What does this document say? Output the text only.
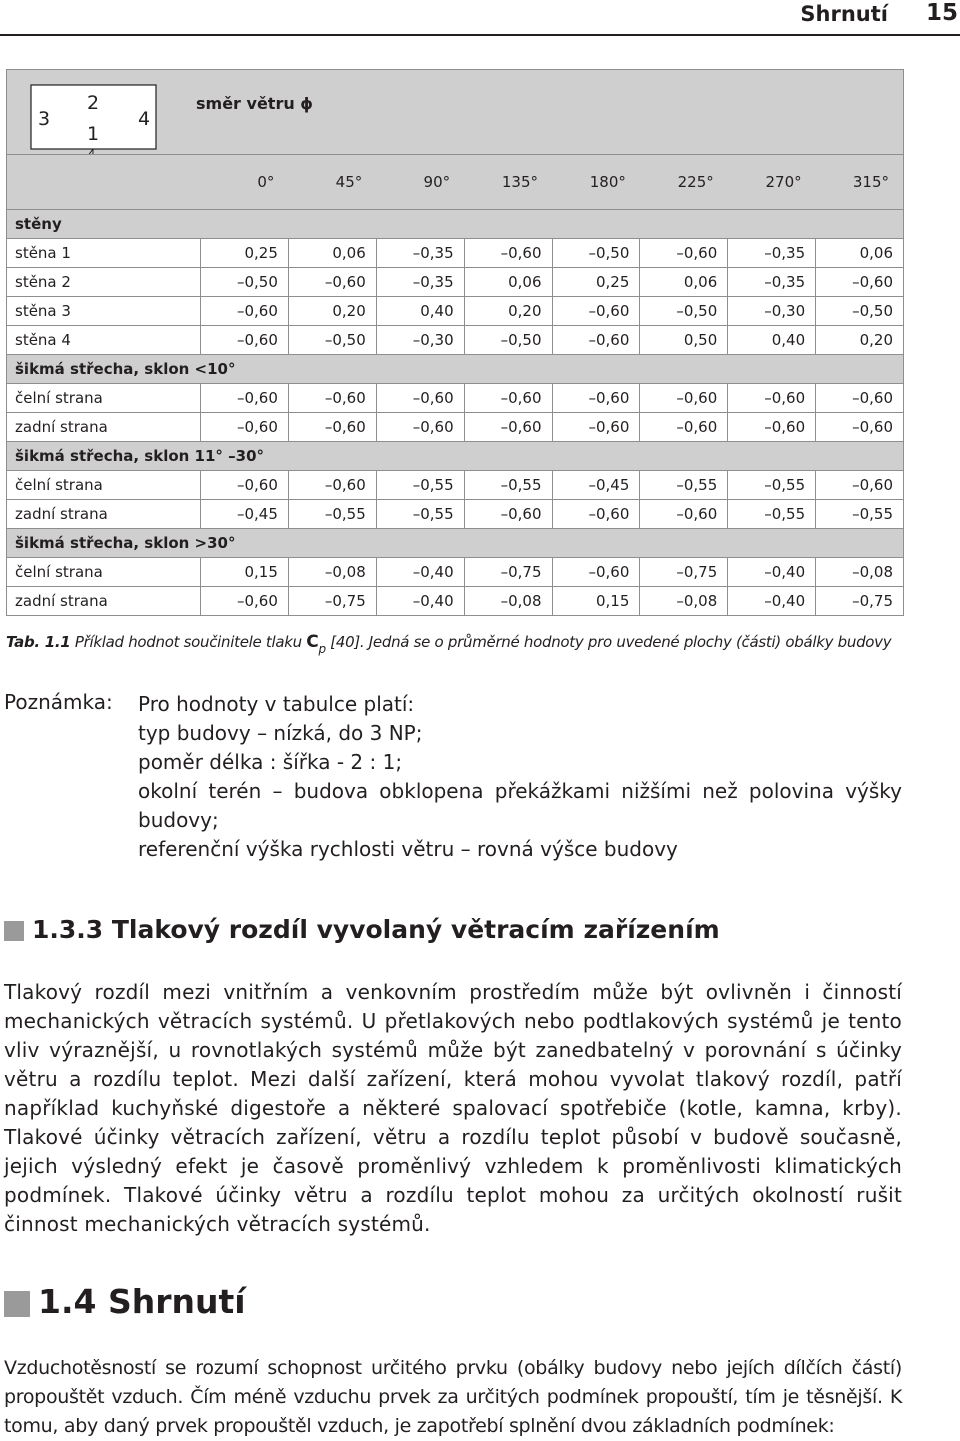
Shrnutí 15
2
1
3 4								

	0°	45°	90°	135°	180°	225°	270°	315°
stěny								
stěna 1	0,25	0,06	–0,35	–0,60	–0,50	–0,60	–0,35	0,06
stěna 2	–0,50	–0,60	–0,35	0,06	0,25	0,06	–0,35	–0,60
stěna 3	–0,60	0,20	0,40	0,20	–0,60	–0,50	–0,30	–0,50
stěna 4	–0,60	–0,50	–0,30	–0,50	–0,60	0,50	0,40	0,20
šikmá střecha, sklon <10°								
čelní strana	–0,60	–0,60	–0,60	–0,60	–0,60	–0,60	–0,60	–0,60
zadní strana	–0,60	–0,60	–0,60	–0,60	–0,60	–0,60	–0,60	–0,60
šikmá střecha, sklon 11° –30°								
čelní strana	–0,60	–0,60	–0,55	–0,55	–0,45	–0,55	–0,55	–0,60
zadní strana	–0,45	–0,55	–0,55	–0,60	–0,60	–0,60	–0,55	–0,55
šikmá střecha, sklon >30°								
čelní strana	0,15	–0,08	–0,40	–0,75	–0,60	–0,75	–0,40	–0,08
zadní strana	–0,60	–0,75	–0,40	–0,08	0,15	–0,08	–0,40	–0,75
směr větru ϕ
Tab. 1.1 Příklad hodnot součinitele tlaku $C_p$ [40]. Jedná se o průměrné hodnoty pro uvedené plochy (části) obálky budovy
Poznámka: Pro hodnoty v tabulce platí:
typ budovy – nízká, do 3 NP;
poměr délka : šířka - 2 : 1;
okolní terén – budova obklopena překážkami nižšími než polovina výšky budovy;
referenční výška rychlosti větru – rovná výšce budovy
1.3.3 Tlakový rozdíl vyvolaný větracím zařízením
Tlakový rozdíl mezi vnitřním a venkovním prostředím může být ovlivněn i činností mechanických větracích systémů. U přetlakových nebo podtlakových systémů je tento vliv výraznější, u rovnotlakých systémů může být zanedbatelný v porovnání s účinky větru a rozdílu teplot. Mezi další zařízení, která mohou vyvolat tlakový rozdíl, patří například kuchyňské digestoře a některé spalovací spotřebiče (kotle, kamna, krby). Tlakové účinky větracích zařízení, větru a rozdílu teplot působí v budově současně, jejich výsledný efekt je časově proměnlivý vzhledem k proměnlivosti klimatických podmínek. Tlakové účinky větru a rozdílu teplot mohou za určitých okolností rušit činnost mechanických větracích systémů.
1.4 Shrnutí
Vzduchotěsností se rozumí schopnost určitého prvku (obálky budovy nebo jejích dílčích částí) propouštět vzduch. Čím méně vzduchu prvek za určitých podmínek propouští, tím je těsnější. K tomu, aby daný prvek propouštěl vzduch, je zapotřebí splnění dvou základních podmínek:
